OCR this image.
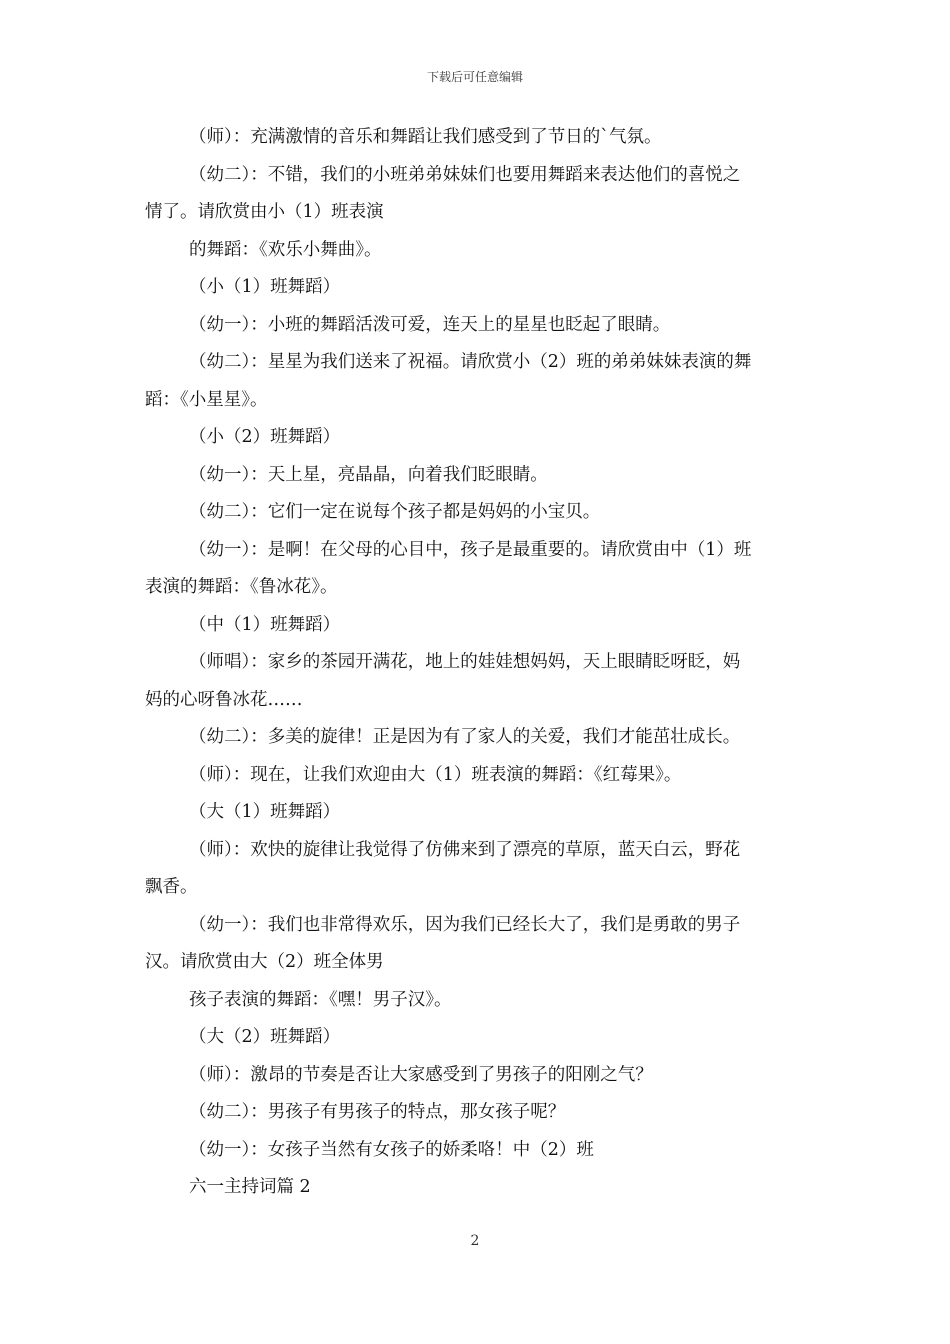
下载后可任意编辑

（师）：充满激情的音乐和舞蹈让我们感受到了节日的`气氛。

（幼二）：不错，我们的小班弟弟妹妹们也要用舞蹈来表达他们的喜悦之

情了。请欣赏由小（1）班表演

的舞蹈：《欢乐小舞曲》。

（小（1）班舞蹈）

（幼一）：小班的舞蹈活泼可爱，连天上的星星也眨起了眼睛。

（幼二）：星星为我们送来了祝福。请欣赏小（2）班的弟弟妹妹表演的舞

蹈：《小星星》。

（小（2）班舞蹈）

（幼一）：天上星，亮晶晶，向着我们眨眼睛。

（幼二）：它们一定在说每个孩子都是妈妈的小宝贝。

（幼一）：是啊！在父母的心目中，孩子是最重要的。请欣赏由中（1）班

表演的舞蹈：《鲁冰花》。

（中（1）班舞蹈）

（师唱）：家乡的茶园开满花，地上的娃娃想妈妈，天上眼睛眨呀眨，妈

妈的心呀鲁冰花……

（幼二）：多美的旋律！正是因为有了家人的关爱，我们才能茁壮成长。

（师）：现在，让我们欢迎由大（1）班表演的舞蹈：《红莓果》。

（大（1）班舞蹈）

（师）：欢快的旋律让我觉得了仿佛来到了漂亮的草原，蓝天白云，野花

飘香。

（幼一）：我们也非常得欢乐，因为我们已经长大了，我们是勇敢的男子

汉。请欣赏由大（2）班全体男

孩子表演的舞蹈：《嘿！男子汉》。

（大（2）班舞蹈）

（师）：激昂的节奏是否让大家感受到了男孩子的阳刚之气？

（幼二）：男孩子有男孩子的特点，那女孩子呢？

（幼一）：女孩子当然有女孩子的娇柔咯！中（2）班

六一主持词篇 2

2
